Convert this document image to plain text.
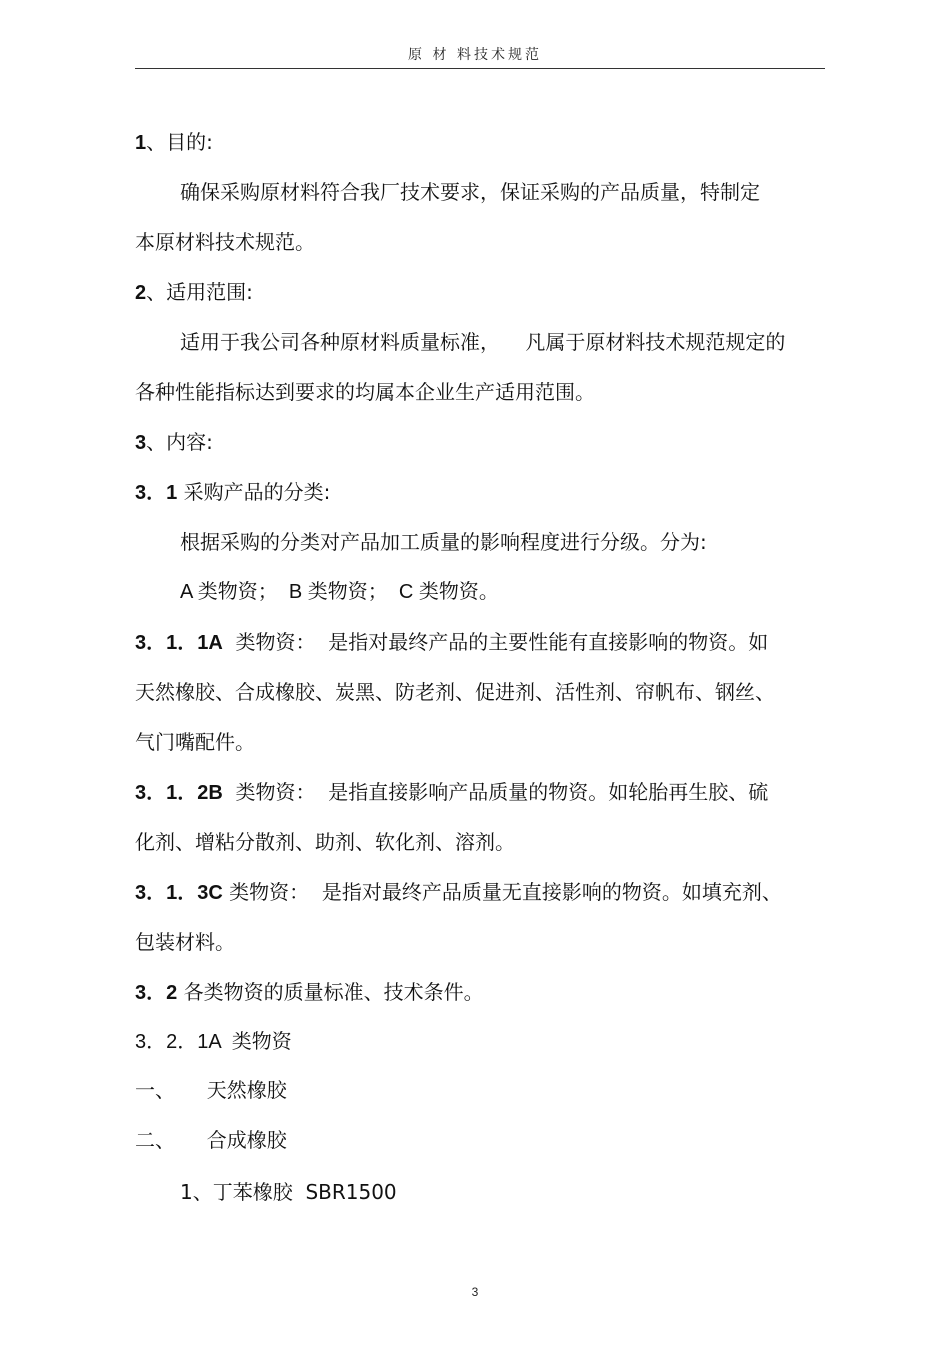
原 材 料技术规范
1、目的:
确保采购原材料符合我厂技术要求，保证采购的产品质量，特制定
本原材料技术规范。
2、适用范围:
适用于我公司各种原材料质量标准，    凡属于原材料技术规范规定的
各种性能指标达到要求的均属本企业生产适用范围。
3、内容:
3．1 采购产品的分类:
根据采购的分类对产品加工质量的影响程度进行分级。分为:
A 类物资；  B 类物资；  C 类物资。
3．1．1A  类物资：  是指对最终产品的主要性能有直接影响的物资。如
天然橡胶、合成橡胶、炭黑、防老剂、促进剂、活性剂、帘帆布、钢丝、
气门嘴配件。
3．1．2B  类物资：  是指直接影响产品质量的物资。如轮胎再生胶、硫
化剂、增粘分散剂、助剂、软化剂、溶剂。
3．1．3C 类物资：  是指对最终产品质量无直接影响的物资。如填充剂、
包装材料。
3．2 各类物资的质量标准、技术条件。
3．2．1A  类物资
一、     天然橡胶
二、     合成橡胶
1、丁苯橡胶  SBR1500
3
